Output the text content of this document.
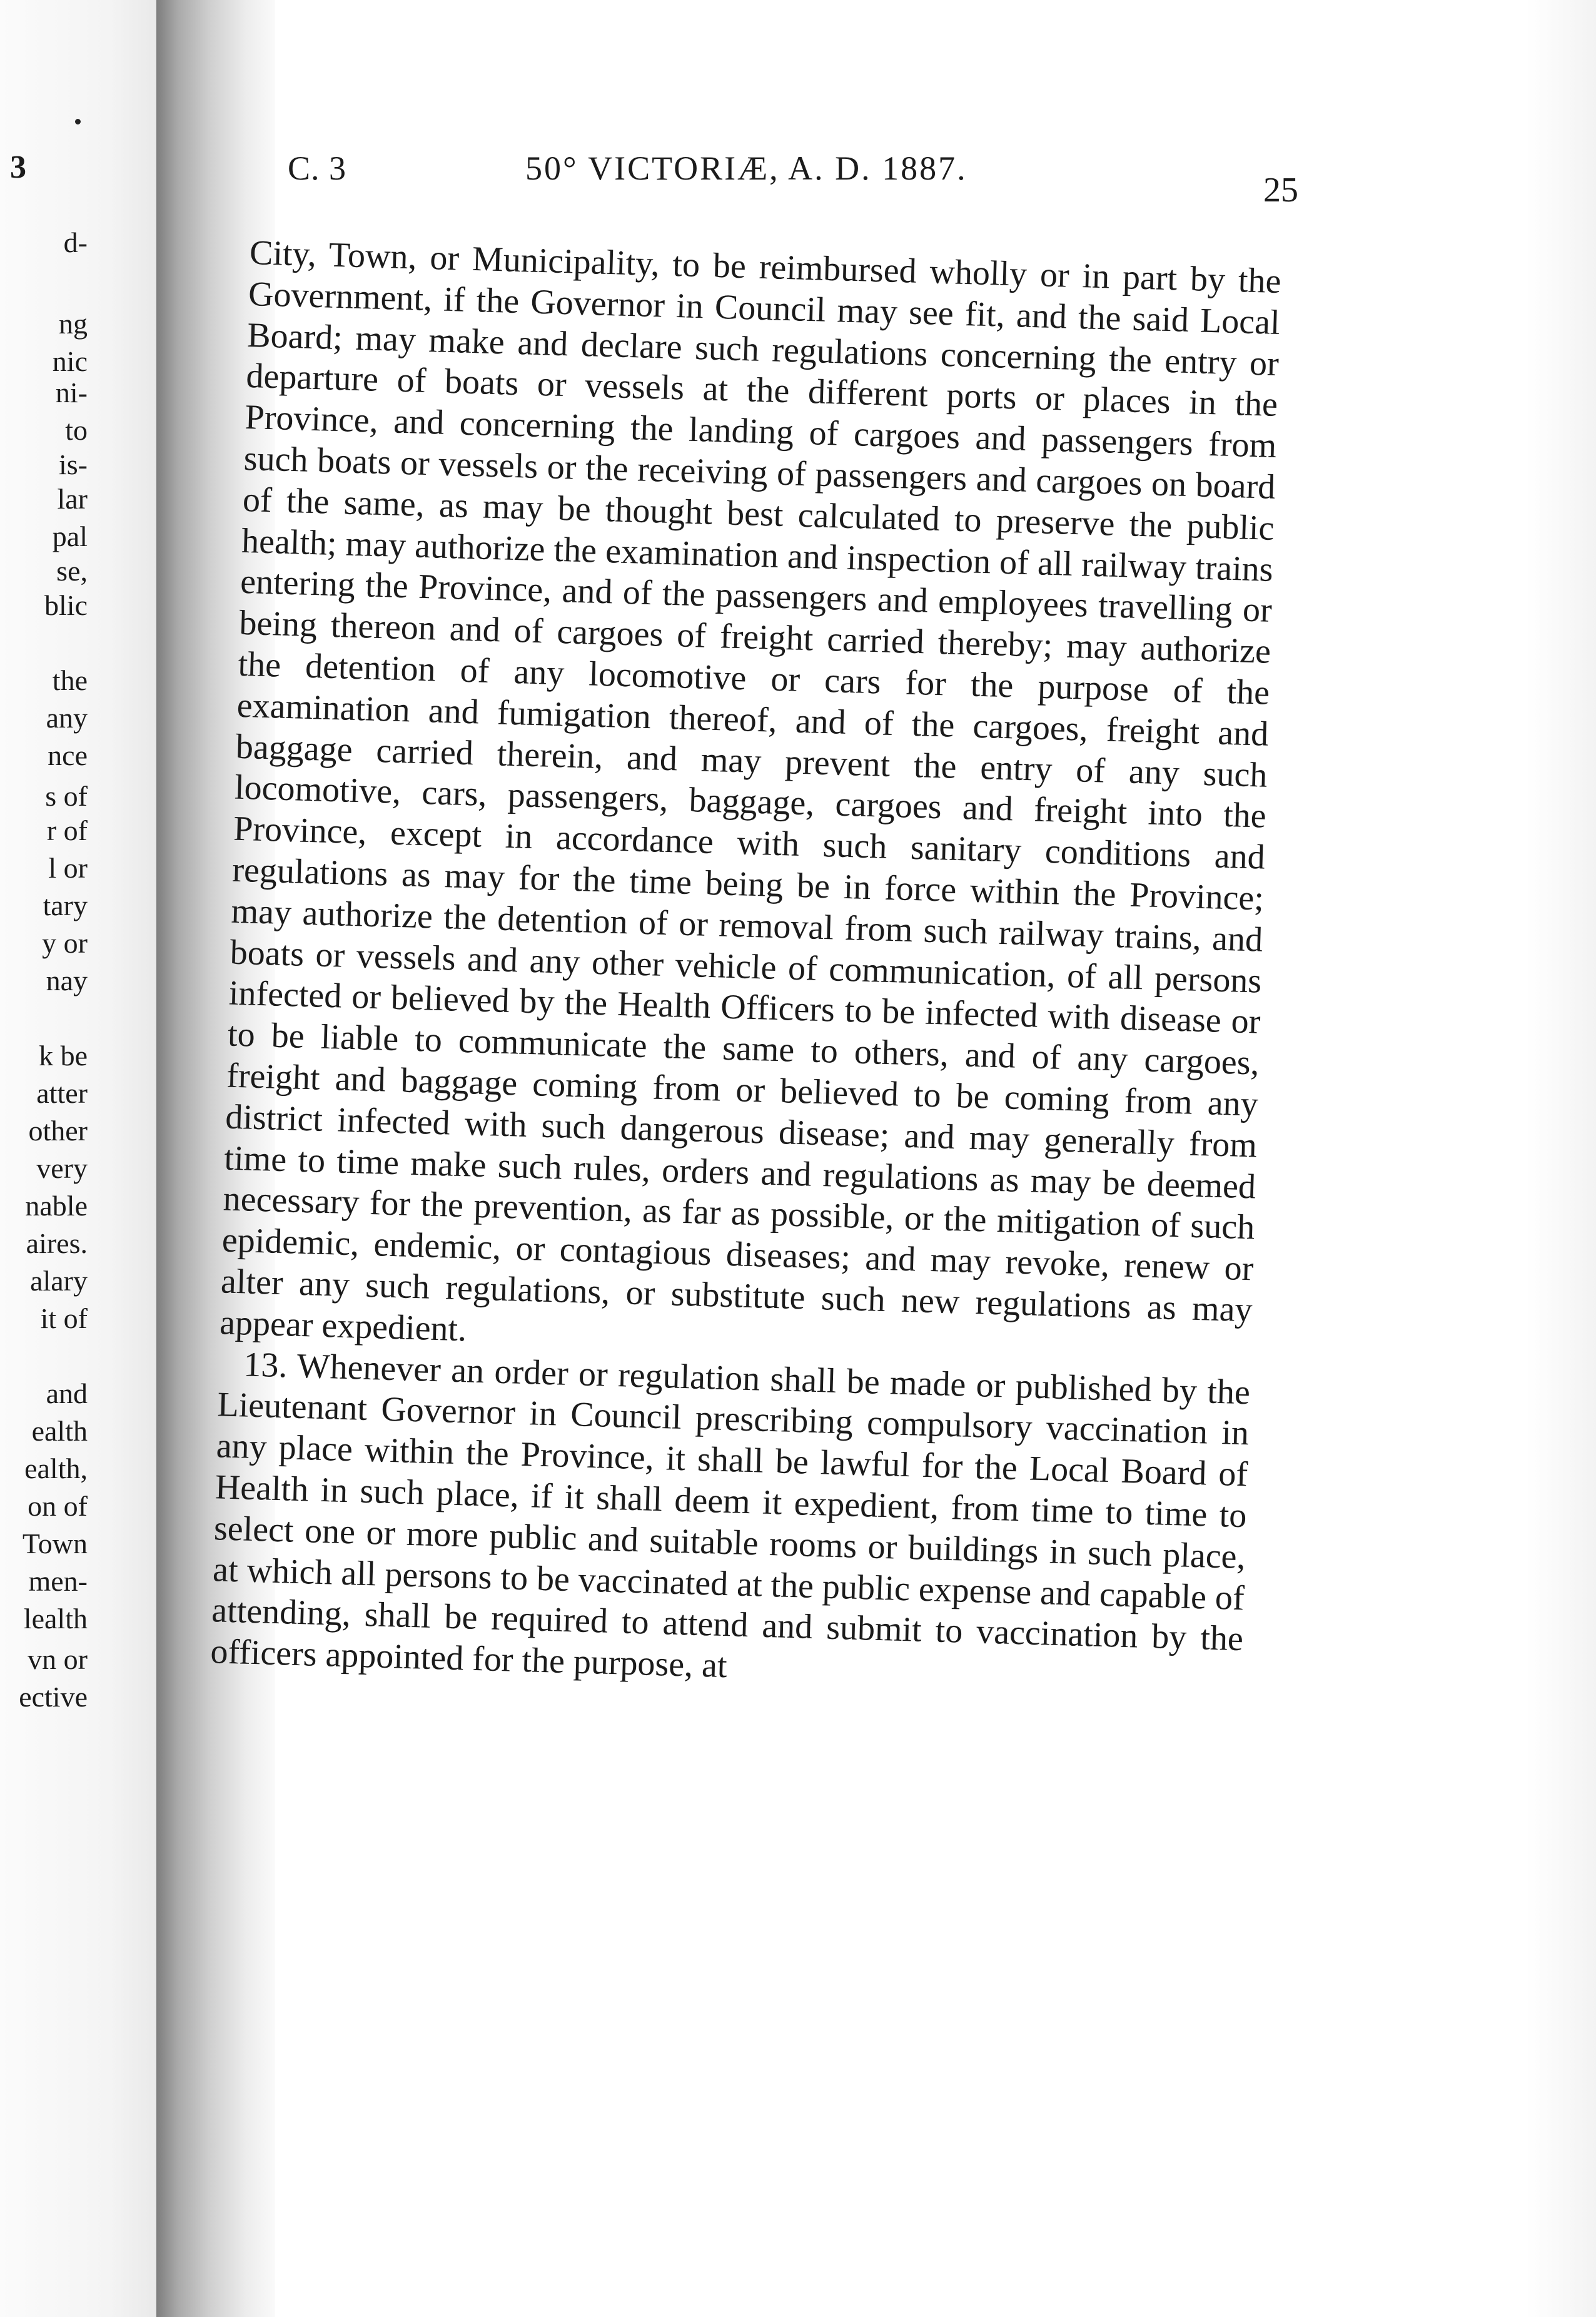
3
d-
ng
nic
ni-
to
is-
lar
pal
se,
blic
the
any
nce
s of
r of
l or
tary
y or
nay
k be
atter
other
very
nable
aires.
alary
it of
and
ealth
ealth,
on of
Town
men-
lealth
vn or
ective
C. 3	50° VICTORIÆ, A. D. 1887.
25

City, Town, or Municipality, to be reimbursed wholly or in part by the Government, if the Governor in Council may see fit, and the said Local Board; may make and declare such regulations concerning the entry or departure of boats or vessels at the different ports or places in the Province, and concerning the landing of cargoes and passengers from such boats or vessels or the receiving of passengers and cargoes on board of the same, as may be thought best calculated to preserve the public health; may authorize the examination and inspection of all railway trains entering the Province, and of the passengers and employees travelling or being thereon and of cargoes of freight carried thereby; may authorize the detention of any locomotive or cars for the purpose of the examination and fumigation thereof, and of the cargoes, freight and baggage carried therein, and may prevent the entry of any such locomotive, cars, passengers, baggage, cargoes and freight into the Province, except in accordance with such sanitary conditions and regulations as may for the time being be in force within the Province; may authorize the detention of or removal from such railway trains, and boats or vessels and any other vehicle of communication, of all persons infected or believed by the Health Officers to be infected with disease or to be liable to communicate the same to others, and of any cargoes, freight and baggage coming from or believed to be coming from any district infected with such dangerous disease; and may generally from time to time make such rules, orders and regulations as may be deemed necessary for the prevention, as far as possible, or the mitigation of such epidemic, endemic, or contagious diseases; and may revoke, renew or alter any such regulations, or substitute such new regulations as may appear expedient.

13. Whenever an order or regulation shall be made or published by the Lieutenant Governor in Council prescribing compulsory vaccination in any place within the Province, it shall be lawful for the Local Board of Health in such place, if it shall deem it expedient, from time to time to select one or more public and suitable rooms or buildings in such place, at which all persons to be vaccinated at the public expense and capable of attending, shall be required to attend and submit to vaccination by the officers appointed for the purpose, at
